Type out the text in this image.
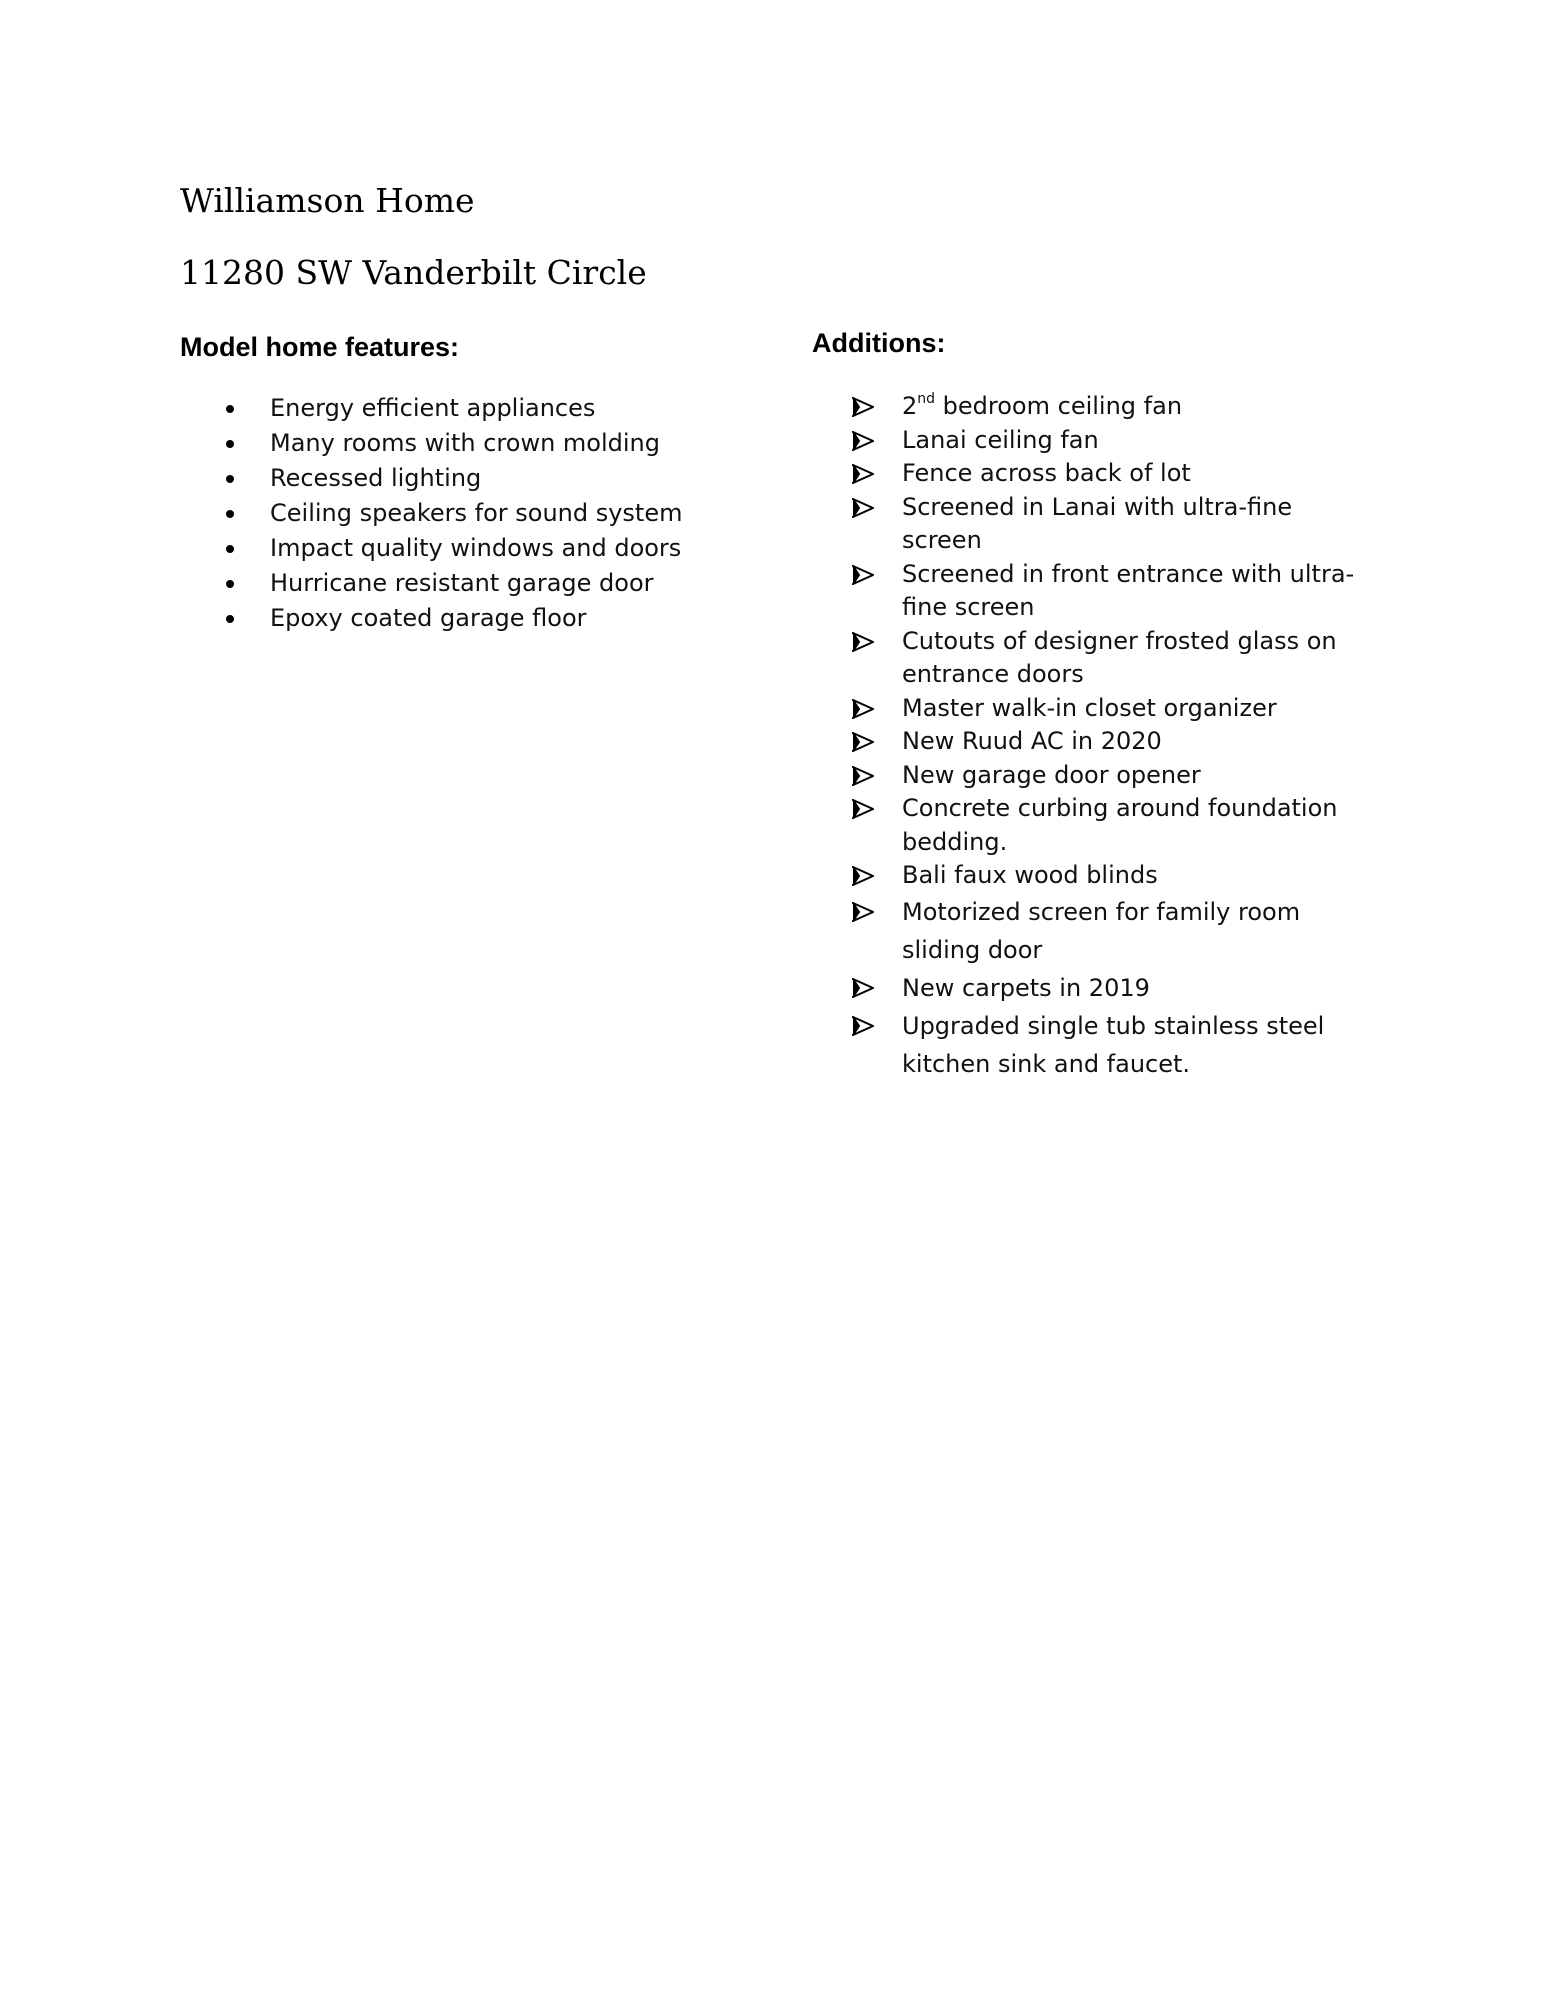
Williamson Home
11280 SW Vanderbilt Circle
Model home features:	Additions:
Energy efficient appliances
Many rooms with crown molding
Recessed lighting
Ceiling speakers for sound system
Impact quality windows and doors
Hurricane resistant garage door
Epoxy coated garage floor
2nd bedroom ceiling fan
Lanai ceiling fan
Fence across back of lot
Screened in Lanai with ultra-fine screen
Screened in front entrance with ultra-fine screen
Cutouts of designer frosted glass on entrance doors
Master walk-in closet organizer
New Ruud AC in 2020
New garage door opener
Concrete curbing around foundation bedding.
Bali faux wood blinds
Motorized screen for family room sliding door
New carpets in 2019
Upgraded single tub stainless steel kitchen sink and faucet.
